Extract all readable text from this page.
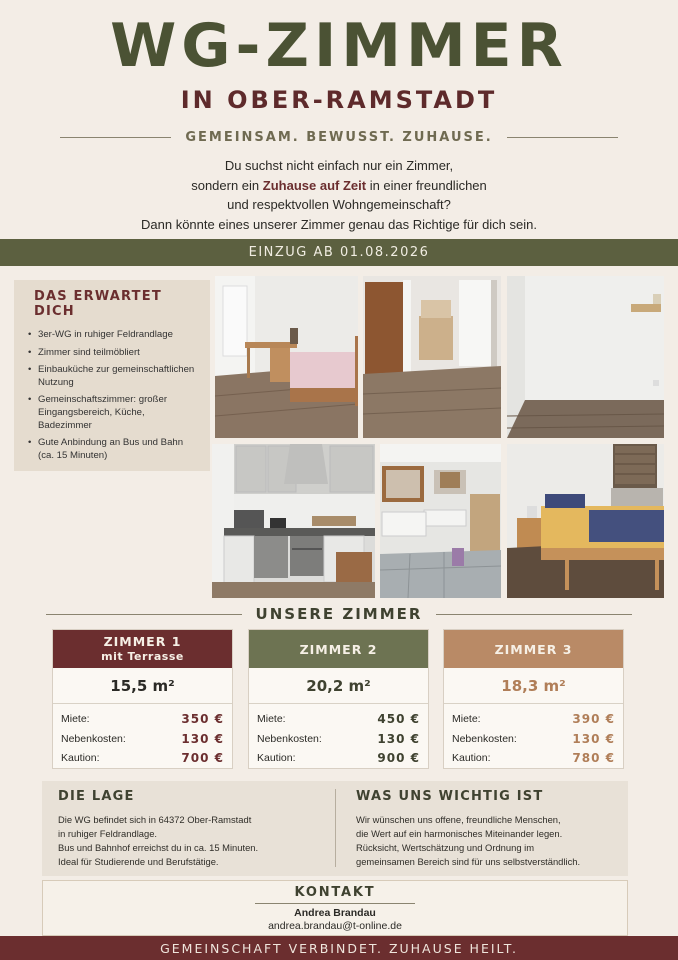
WG-ZIMMER
IN OBER-RAMSTADT
GEMEINSAM. BEWUSST. ZUHAUSE.
Du suchst nicht einfach nur ein Zimmer,
sondern ein Zuhause auf Zeit in einer freundlichen
und respektvollen Wohngemeinschaft?
Dann könnte eines unserer Zimmer genau das Richtige für dich sein.
EINZUG AB 01.08.2026
DAS ERWARTET DICH
• 3er-WG in ruhiger Feldrandlage
• Zimmer sind teilmöbliert
• Einbauküche zur gemeinschaftlichen Nutzung
• Gemeinschaftszimmer: großer Eingangsbereich, Küche, Badezimmer
• Gute Anbindung an Bus und Bahn (ca. 15 Minuten)
UNSERE ZIMMER
ZIMMER 1
mit Terrasse
15,5 m²
Miete:	350 €
Nebenkosten:	130 €
Kaution:	700 €
ZIMMER 2
20,2 m²
Miete:	450 €
Nebenkosten:	130 €
Kaution:	900 €
ZIMMER 3
18,3 m²
Miete:	390 €
Nebenkosten:	130 €
Kaution:	780 €
DIE LAGE
Die WG befindet sich in 64372 Ober-Ramstadt
in ruhiger Feldrandlage.
Bus und Bahnhof erreichst du in ca. 15 Minuten.
Ideal für Studierende und Berufstätige.
WAS UNS WICHTIG IST
Wir wünschen uns offene, freundliche Menschen,
die Wert auf ein harmonisches Miteinander legen.
Rücksicht, Wertschätzung und Ordnung im
gemeinsamen Bereich sind für uns selbstverständlich.
KONTAKT
Andrea Brandau
andrea.brandau@t-online.de
GEMEINSCHAFT VERBINDET. ZUHAUSE HEILT.
